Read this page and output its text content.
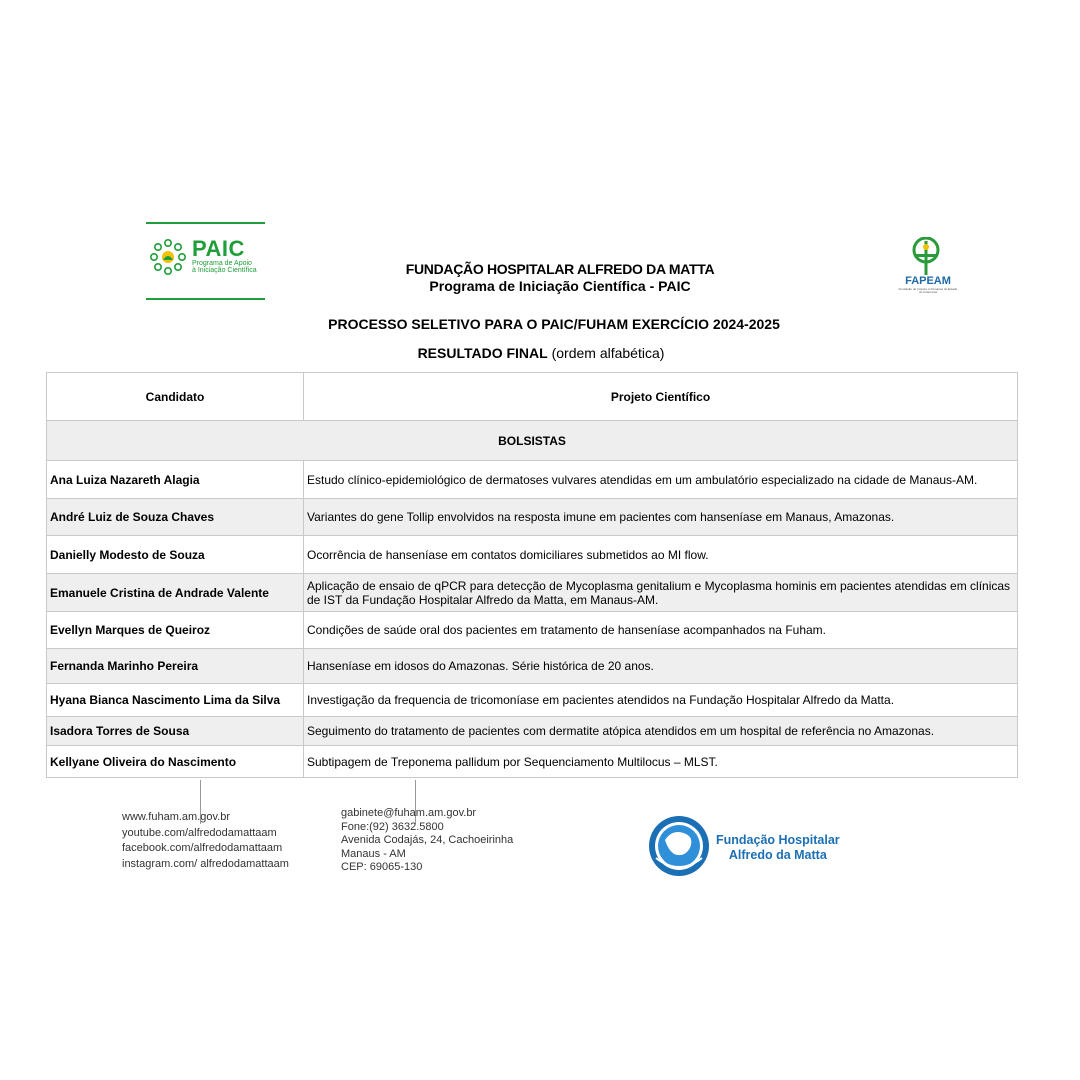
PAIC
Programa de Apoio
à Iniciação Científica
FAPEAM
Fundação de Amparo à Pesquisa do Estado do Amazonas
FUNDAÇÃO HOSPITALAR ALFREDO DA MATTA
Programa de Iniciação Científica - PAIC
PROCESSO SELETIVO PARA O PAIC/FUHAM EXERCÍCIO 2024-2025
RESULTADO FINAL (ordem alfabética)
Candidato	Projeto Científico
BOLSISTAS	
Ana Luiza Nazareth Alagia	Estudo clínico-epidemiológico de dermatoses vulvares atendidas em um ambulatório especializado na cidade de Manaus-AM.
André Luiz de Souza Chaves	Variantes do gene Tollip envolvidos na resposta imune em pacientes com hanseníase em Manaus, Amazonas.
Danielly Modesto de Souza	Ocorrência de hanseníase em contatos domiciliares submetidos ao MI flow.
Emanuele Cristina de Andrade Valente	Aplicação de ensaio de qPCR para detecção de Mycoplasma genitalium e Mycoplasma hominis em pacientes atendidas em clínicas de IST da Fundação Hospitalar Alfredo da Matta, em Manaus-AM.
Evellyn Marques de Queiroz	Condições de saúde oral dos pacientes em tratamento de hanseníase acompanhados na Fuham.
Fernanda Marinho Pereira	Hanseníase em idosos do Amazonas. Série histórica de 20 anos.
Hyana Bianca Nascimento Lima da Silva	Investigação da frequencia de tricomoníase em pacientes atendidos na Fundação Hospitalar Alfredo da Matta.
Isadora Torres de Sousa	Seguimento do tratamento de pacientes com dermatite atópica atendidos em um hospital de referência no Amazonas.
Kellyane Oliveira do Nascimento	Subtipagem de Treponema pallidum por Sequenciamento Multilocus – MLST.
www.fuham.am.gov.br
youtube.com/alfredodamattaam
facebook.com/alfredodamattaam
instagram.com/ alfredodamattaam
gabinete@fuham.am.gov.br
Fone:(92) 3632.5800
Avenida Codajás, 24, Cachoeirinha
Manaus - AM
CEP: 69065-130
Fundação Hospitalar
Alfredo da Matta
